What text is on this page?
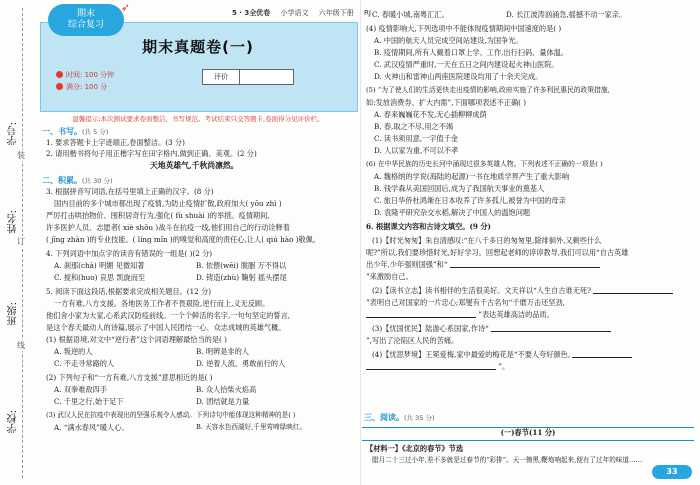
学号:
姓名:
班级:
学校:
订
线
装
期末
综合复习
➶	5 · 3全优卷 小学语文 六年级下册 RJ
期末真题卷(一)
时间: 100 分钟
满分: 100 分
评价
温馨提示:本次测试要求卷面整洁、书写规范。考试结束只交答题卡,卷面得分见评价栏。
一、书写。(共 5 分)
1. 要求答题卡上字迹端正,卷面整洁。(3 分)
2. 请用楷书将句子用正楷字写在田字格内,做到正确、美观。(2 分)
天地英雄气,千秋尚凛然。
二、积累。(共 30 分)
3. 根据拼音写词语,在括号里填上正确的汉字。(8 分)
国内目前的多个城市都出现了疫情,为防止疫情扩散,政府加大( yōu zhì )
严厉打击哄抬物价、囤积居奇行为,强化( fù shuài )的举措。疫情期间,
许多医护人员、志愿者( xiè shǒu )战斗在抗疫一线,他们用自己的行动诠释着
( jīng zhàn )的专业技能。( líng mǐn )的嗅觉和高度的责任心,让人( qiú hào )敬佩。
4. 下列词语中加点字的读音有错误的一组是( )(2 分)
A. 刹那(chà) 明媚 见微知著	B. 依偎(wēi) 胧胭 万不得以
C. 搅和(huo) 哀思 凯旋而至	D. 铸造(zhù) 鞠躬 摇头摆尾
5. 阅读下面这段话,根据要求完成相关题目。(12 分)
一方有难,八方支援。各地医务工作者不畏艰险,逆行而上,义无反顾。
他们舍小家为大家,心系武汉防疫前线。一个个鲜活的名字,一句句坚定的誓言,
是这个春天最动人的诗篇,展示了中国人民团结一心、众志成城的英雄气概。
(1) 根据语境,对文中“逆行者”这个词语理解最恰当的是( )
A. 叛逆的人	B. 明辨是非的人
C. 不走寻常路的人	D. 逆着人流、勇敢前行的人
(2) 下列句子和“一方有难,八方支援”意思相近的是( )
A. 双拳难敌四手	B. 众人拾柴火焰高
C. 千里之行,始于足下	D. 团结就是力量
(3) 武汉人民在抗疫中表现出的坚强乐观令人感动。下列诗句中能体现这种精神的是( )
A. “满水春风”暖人心。	B. 天容水色西湖好,千里莺啼绿映红。
C. 春暖小城,南粤汇汇。	D. 长江波涛汹涌急,摇撼不动一家亲。
(4) 疫情影响大,下列选项中不能体现疫情期间中国速度的是( )
A. 中国的航天人员完成空间站建设,为国争光。
B. 疫情期间,所有人戴着口罩上学、工作,出行扫码、量体温。
C. 武汉疫情严重时,一天在五日之间内建设起火神山医院。
D. 火神山和雷神山两座医院建设均用了十余天完成。
(5) “为了使人们的生活更快走出疫情的影响,政府实施了许多利民惠民的政策措施,
如:发放消费券、扩大内需”,下面哪项表述不正确( )
A. 春来巍巍花不发,无心插柳柳成荫
B. 春,取之不尽,用之不竭
C. 读书须用意,一字值千金
D. 人以家为重,不可以不孝
(6) 在中华民族的历史长河中涌现过很多英雄人物。下列表述不正确的一项是( )
A. 魏格纳的学说(海陆的起源)一书在地质学界产生了重大影响
B. 钱学森从美国回国后,成为了我国航天事业的奠基人
C. 旅日华侨杜鸿渐在日本收养了许多孤儿,被誉为中国的母亲
D. 袁隆平研究杂交水稻,解决了中国人的温饱问题
6. 根据课文内容和古诗文填空。(9 分)
(1)【时光匆匆】朱自清感叹:“在八千多日的匆匆里,除徘徊外,又剩些什么
呢?”所以,我们要珍惜时光,好好学习。回想起老师的谆谆教导,我们可以用“自古英雄
出少年,少年强则国强”和“
”来激励自己。
(2)【读书立志】读书相伴的生活很美好。文天祥以“人生自古谁无死?
”表明自己对国家的一片忠心;郑燮有千古名句“千磨万击还坚劲,
”表达英雄高洁的品质。
(3)【忧国忧民】陆游心系国家,作诗“
”,写出了沦陷区人民的苦痛。
(4)【忧思梦境】王冕爱梅,家中最爱的梅花是“不要人夸好颜色,
”。
三、阅读。(共 35 分)
(一)春节(11 分)
【材料一】《北京的春节》节选
腊月二十三过小年,差不多就是过春节的“彩排”。天一擦黑,鞭炮响起来,便有了过年的味道……
33
